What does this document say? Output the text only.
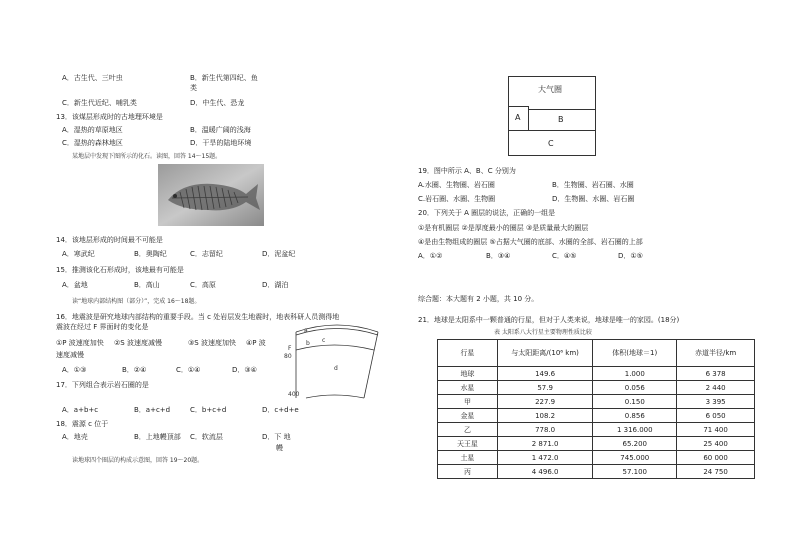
A．古生代、三叶虫	B．新生代第四纪、鱼
类
C．新生代近纪、哺乳类	D．中生代、恐龙
13．该煤层形成时的古地理环境是
A．湿热的草原地区	B．温暖广阔的浅海
C．湿热的森林地区	D．干旱的陆地环境
某地层中发现下图所示的化石。读图，回答 14～15题。
14．该地层形成的时间最不可能是
A．寒武纪	B．奥陶纪	C．志留纪	D．泥盆纪
15．推测该化石形成时，该地最有可能是
A．盆地	B．高山	C．高原	D．湖泊
读“地球内部结构图（部分）”，完成 16～18题。
16．地震波是研究地球内部结构的重要手段。当 c 处岩层发生地震时，地表科研人员测得地
震波在经过 F 界面时的变化是
①P 波速度加快 ②S 波速度减慢	③S 波速度加快 ④P 波
速度减慢
A．①③	B．②④	C．①④	D．③④
17．下列组合表示岩石圈的是
A．a+b+c	B．a+c+d	C．b+c+d	D．c+d+e
18．震源 c 位于
A．地壳	B．上地幔顶部 C．软流层	D．下 地
幔
读地球四个圈层的构成示意图，回答 19～20题。
a
b c
d
F
80
400
大气圈
A	B
C
19．图中所示 A、B、C 分别为
A.水圈、生物圈、岩石圈	B．生物圈、岩石圈、水圈
C.岩石圈、水圈、生物圈	D．生物圈、水圈、岩石圈
20．下列关于 A 圈层的说法，正确的一组是
①是有机圈层 ②是厚度最小的圈层 ③是质量最大的圈层
④是由生物组成的圈层 ⑤占据大气圈的底部、水圈的全部、岩石圈的上部
A．①②	B．③④	C．④⑤	D．①⑤
综合题：本大题有 2 小题，共 10 分。
21．地球是太阳系中一颗普通的行星，但对于人类来说，地球是唯一的家园。(18分)
表 太阳系八大行星主要物理性质比较
行星	与太阳距离/(10⁶ km)	体积(地球＝1)	赤道半径/km
地球	149.6	1.000	6 378
水星	57.9	0.056	2 440
甲	227.9	0.150	3 395
金星	108.2	0.856	6 050
乙	778.0	1 316.000	71 400
天王星	2 871.0	65.200	25 400
土星	1 472.0	745.000	60 000
丙	4 496.0	57.100	24 750
